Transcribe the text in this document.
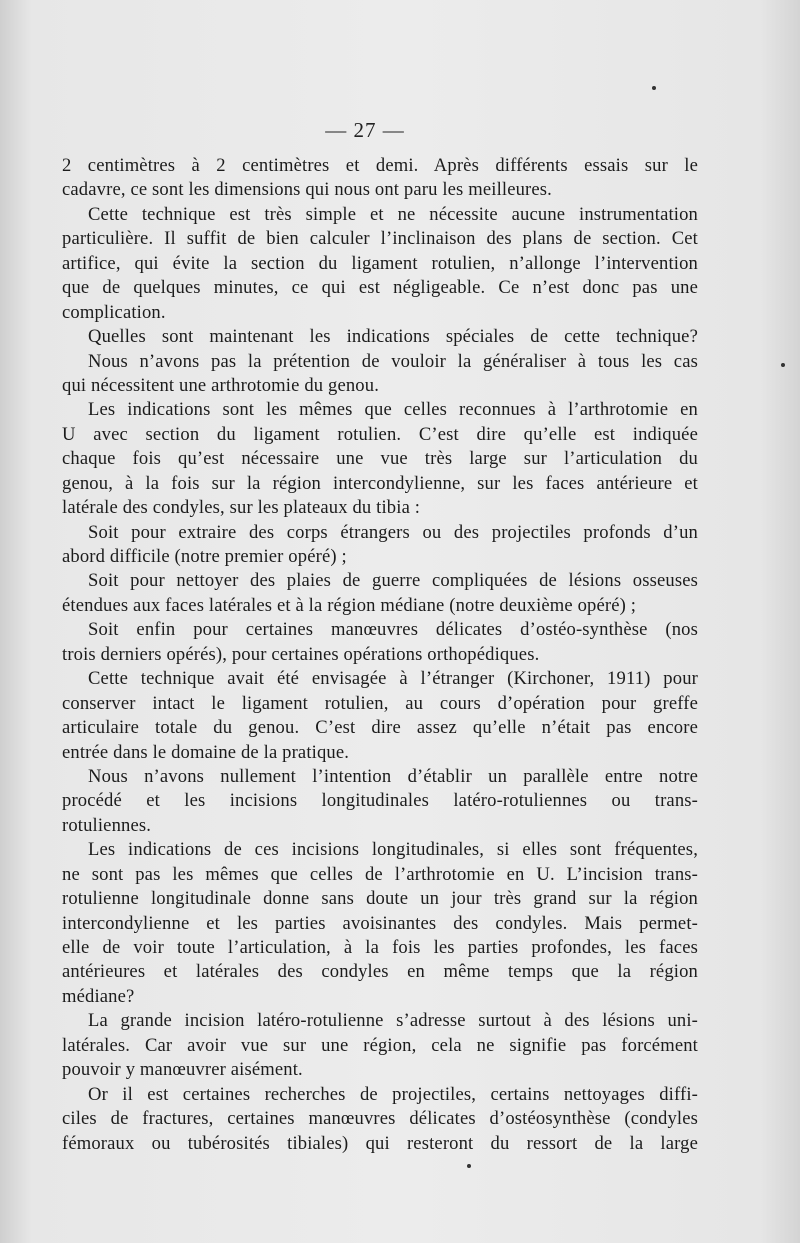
— 27 —
2 centimètres à 2 centimètres et demi. Après différents essais sur le
cadavre, ce sont les dimensions qui nous ont paru les meilleures.
Cette technique est très simple et ne nécessite aucune instrumentation
particulière. Il suffit de bien calculer l’inclinaison des plans de section. Cet
artifice, qui évite la section du ligament rotulien, n’allonge l’intervention
que de quelques minutes, ce qui est négligeable. Ce n’est donc pas une
complication.
Quelles sont maintenant les indications spéciales de cette technique?
Nous n’avons pas la prétention de vouloir la généraliser à tous les cas
qui nécessitent une arthrotomie du genou.
Les indications sont les mêmes que celles reconnues à l’arthrotomie en
U avec section du ligament rotulien. C’est dire qu’elle est indiquée
chaque fois qu’est nécessaire une vue très large sur l’articulation du
genou, à la fois sur la région intercondylienne, sur les faces antérieure et
latérale des condyles, sur les plateaux du tibia :
Soit pour extraire des corps étrangers ou des projectiles profonds d’un
abord difficile (notre premier opéré) ;
Soit pour nettoyer des plaies de guerre compliquées de lésions osseuses
étendues aux faces latérales et à la région médiane (notre deuxième opéré) ;
Soit enfin pour certaines manœuvres délicates d’ostéo-synthèse (nos
trois derniers opérés), pour certaines opérations orthopédiques.
Cette technique avait été envisagée à l’étranger (Kirchoner, 1911) pour
conserver intact le ligament rotulien, au cours d’opération pour greffe
articulaire totale du genou. C’est dire assez qu’elle n’était pas encore
entrée dans le domaine de la pratique.
Nous n’avons nullement l’intention d’établir un parallèle entre notre
procédé et les incisions longitudinales latéro-rotuliennes ou trans-
rotuliennes.
Les indications de ces incisions longitudinales, si elles sont fréquentes,
ne sont pas les mêmes que celles de l’arthrotomie en U. L’incision trans-
rotulienne longitudinale donne sans doute un jour très grand sur la région
intercondylienne et les parties avoisinantes des condyles. Mais permet-
elle de voir toute l’articulation, à la fois les parties profondes, les faces
antérieures et latérales des condyles en même temps que la région
médiane?
La grande incision latéro-rotulienne s’adresse surtout à des lésions uni-
latérales. Car avoir vue sur une région, cela ne signifie pas forcément
pouvoir y manœuvrer aisément.
Or il est certaines recherches de projectiles, certains nettoyages diffi-
ciles de fractures, certaines manœuvres délicates d’ostéosynthèse (condyles
fémoraux ou tubérosités tibiales) qui resteront du ressort de la large
